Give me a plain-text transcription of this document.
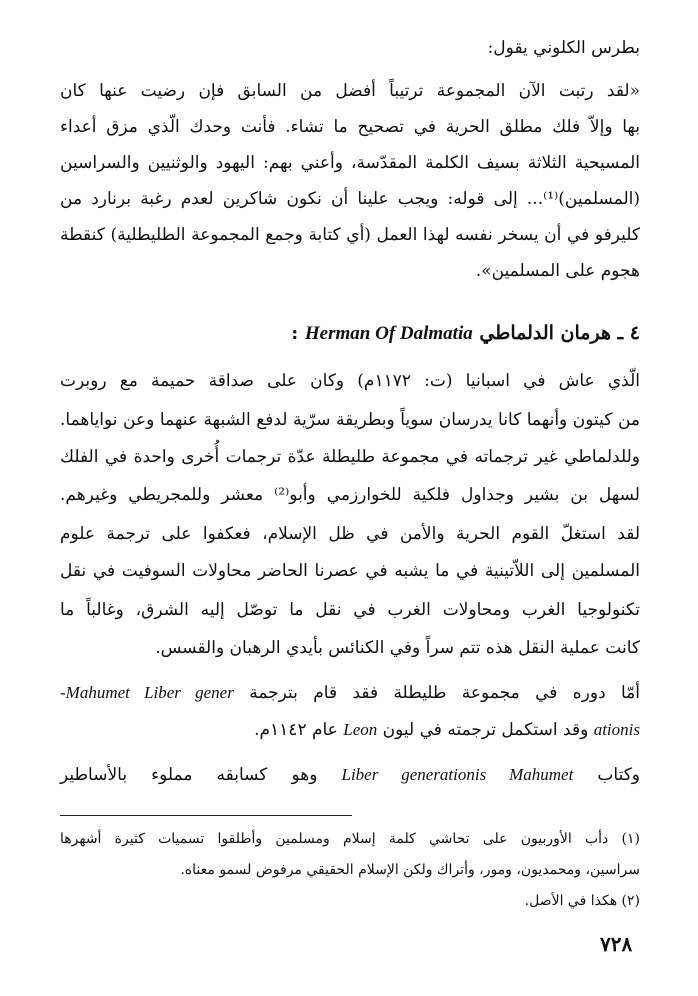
بطرس الكلوني يقول:
«لقد رتبت الآن المجموعة ترتيباً أفضل من السابق فإن رضيت عنها كان
بها وإلاّ فلك مطلق الحرية في تصحيح ما تشاء. فأنت وحدك الّذي مزق أعداء
المسيحية الثلاثة بسيف الكلمة المقدّسة، وأعني بهم: اليهود والوثنيين والسراسين
(المسلمين)⁽¹⁾... إلى قوله: ويجب علينا أن نكون شاكرين لعدم رغبة برنارد من
كليرفو في أن يسخر نفسه لهذا العمل (أي كتابة وجمع المجموعة الطليطلية) كنقطة
هجوم على المسلمين».
٤ ـ هرمان الدلماطي Herman Of Dalmatia :
الّذي عاش في اسبانيا (ت: ١١٧٢م) وكان على صداقة حميمة مع روبرت
من كيتون وأنهما كانا يدرسان سوياً وبطريقة سرّية لدفع الشبهة عنهما وعن نواياهما.
وللدلماطي غير ترجماته في مجموعة طليطلة عدّة ترجمات أُخرى واحدة في الفلك
لسهل بن بشير وجداول فلكية للخوارزمي وأبو⁽²⁾ معشر وللمجريطي وغيرهم.
لقد استغلّ القوم الحرية والأمن في ظل الإسلام، فعكفوا على ترجمة علوم
المسلمين إلى اللاّتينية في ما يشبه في عصرنا الحاضر محاولات السوفيت في نقل
تكنولوجيا الغرب ومحاولات الغرب في نقل ما توصّل إليه الشرق، وغالباً ما
كانت عملية النقل هذه تتم سراً وفي الكنائس بأيدي الرهبان والقسس.
أمّا دوره في مجموعة طليطلة فقد قام بترجمة Mahumet Liber gener-
ationis وقد استكمل ترجمته في ليون Leon عام ١١٤٢م.
وكتاب Liber generationis Mahumet وهو كسابقه مملوء بالأساطير
(١) دأب الأوربيون على تحاشي كلمة إسلام ومسلمين وأطلقوا تسميات كثيرة أشهرها
سراسين، ومحمديون، ومور، وأتراك ولكن الإسلام الحقيقي مرفوض لسمو معناه.
(٢) هكذا في الأصل.
٧٢٨
